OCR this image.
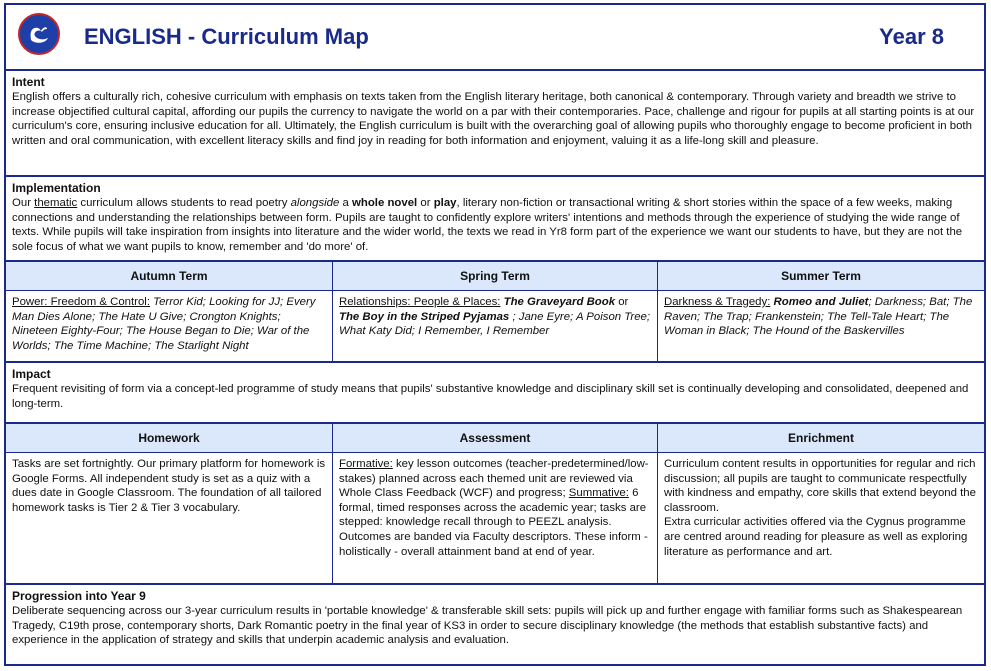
ENGLISH - Curriculum Map	Year 8
Intent

English offers a culturally rich, cohesive curriculum with emphasis on texts taken from the English literary heritage, both canonical & contemporary. Through variety and breadth we strive to increase objectified cultural capital, affording our pupils the currency to navigate the world on a par with their contemporaries. Pace, challenge and rigour for pupils at all starting points is at our curriculum's core, ensuring inclusive education for all. Ultimately, the English curriculum is built with the overarching goal of allowing pupils who thoroughly engage to become proficient in both written and oral communication, with excellent literacy skills and find joy in reading for both information and enjoyment, valuing it as a life-long skill and pleasure.

Implementation

Our thematic curriculum allows students to read poetry alongside a whole novel or play, literary non-fiction or transactional writing & short stories within the space of a few weeks, making connections and understanding the relationships between form. Pupils are taught to confidently explore writers' intentions and methods through the experience of studying the wide range of texts. While pupils will take inspiration from insights into literature and the wider world, the texts we read in Yr8 form part of the experience we want our students to have, but they are not the sole focus of what we want pupils to know, remember and 'do more' of.

Autumn Term
Power: Freedom & Control: Terror Kid; Looking for JJ; Every Man Dies Alone; The Hate U Give; Crongton Knights; Nineteen Eighty-Four; The House Began to Die; War of the Worlds; The Time Machine; The Starlight Night
Spring Term
Relationships: People & Places: The Graveyard Book or
The Boy in the Striped Pyjamas ; Jane Eyre; A Poison Tree; What Katy Did; I Remember, I Remember
Summer Term
Darkness & Tragedy: Romeo and Juliet; Darkness; Bat; The Raven; The Trap; Frankenstein; The Tell-Tale Heart; The Woman in Black; The Hound of the Baskervilles
Impact

Frequent revisiting of form via a concept-led programme of study means that pupils' substantive knowledge and disciplinary skill set is continually developing and consolidated, deepened and long-term.

Homework
Tasks are set fortnightly. Our primary platform for homework is Google Forms. All independent study is set as a quiz with a dues date in Google Classroom. The foundation of all tailored homework tasks is Tier 2 & Tier 3 vocabulary.
Assessment
Formative: key lesson outcomes (teacher-predetermined/low-stakes) planned across each themed unit are reviewed via Whole Class Feedback (WCF) and progress; Summative: 6 formal, timed responses across the academic year; tasks are stepped: knowledge recall through to PEEZL analysis. Outcomes are banded via Faculty descriptors. These inform - holistically - overall attainment band at end of year.
Enrichment
Curriculum content results in opportunities for regular and rich discussion; all pupils are taught to communicate respectfully with kindness and empathy, core skills that extend beyond the classroom.
Extra curricular activities offered via the Cygnus programme are centred around reading for pleasure as well as exploring literature as performance and art.
Progression into Year 9

Deliberate sequencing across our 3-year curriculum results in 'portable knowledge' & transferable skill sets: pupils will pick up and further engage with familiar forms such as Shakespearean Tragedy, C19th prose, contemporary shorts, Dark Romantic poetry in the final year of KS3 in order to secure disciplinary knowledge (the methods that establish substantive facts) and experience in the application of strategy and skills that underpin academic analysis and evaluation.
